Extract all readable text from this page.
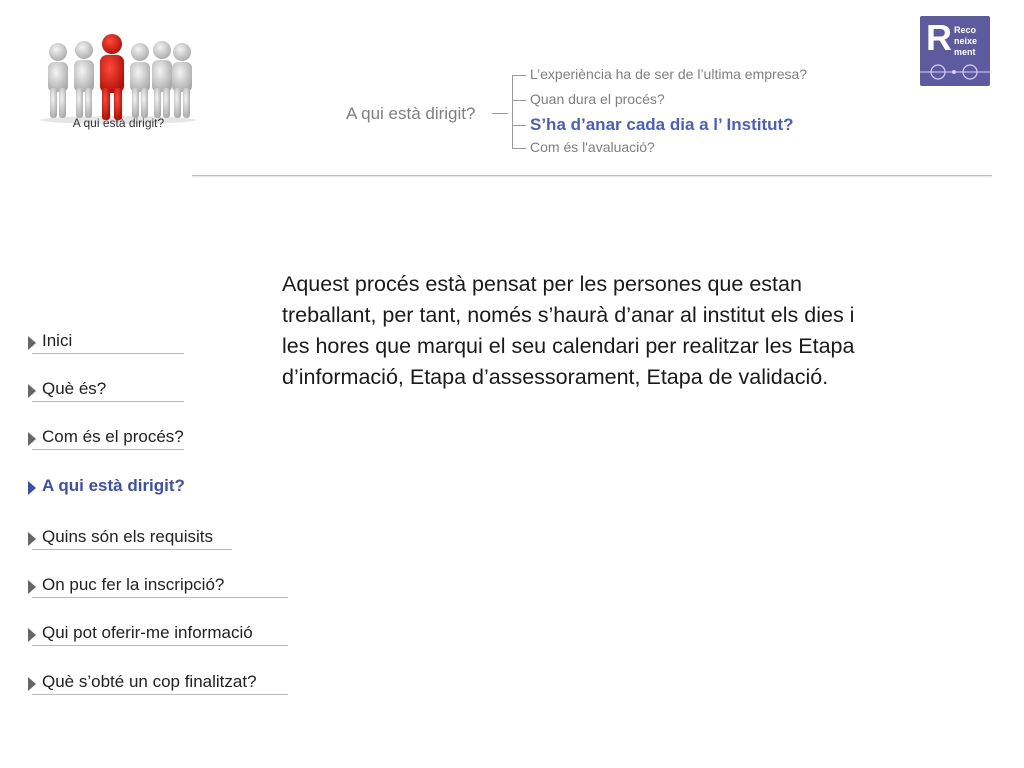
A qui està dirigit?	A qui està dirigit?
L’experiència ha de ser de l’ultima empresa?
Quan dura el procés?
S’ha d’anar cada dia a l’ Institut?
Com és l'avaluació?
R Reco
neixe
ment
Aquest procés està pensat per les persones que estan treballant, per tant, només s’haurà d’anar al institut els dies i les hores que marqui el seu calendari per realitzar les Etapa d’informació, Etapa d’assessorament, Etapa de validació.
Inici
Què és?
Com és el procés?
A qui està dirigit?
Quins són els requisits
On puc fer la inscripció?
Qui pot oferir-me informació
Què s’obté un cop finalitzat?
